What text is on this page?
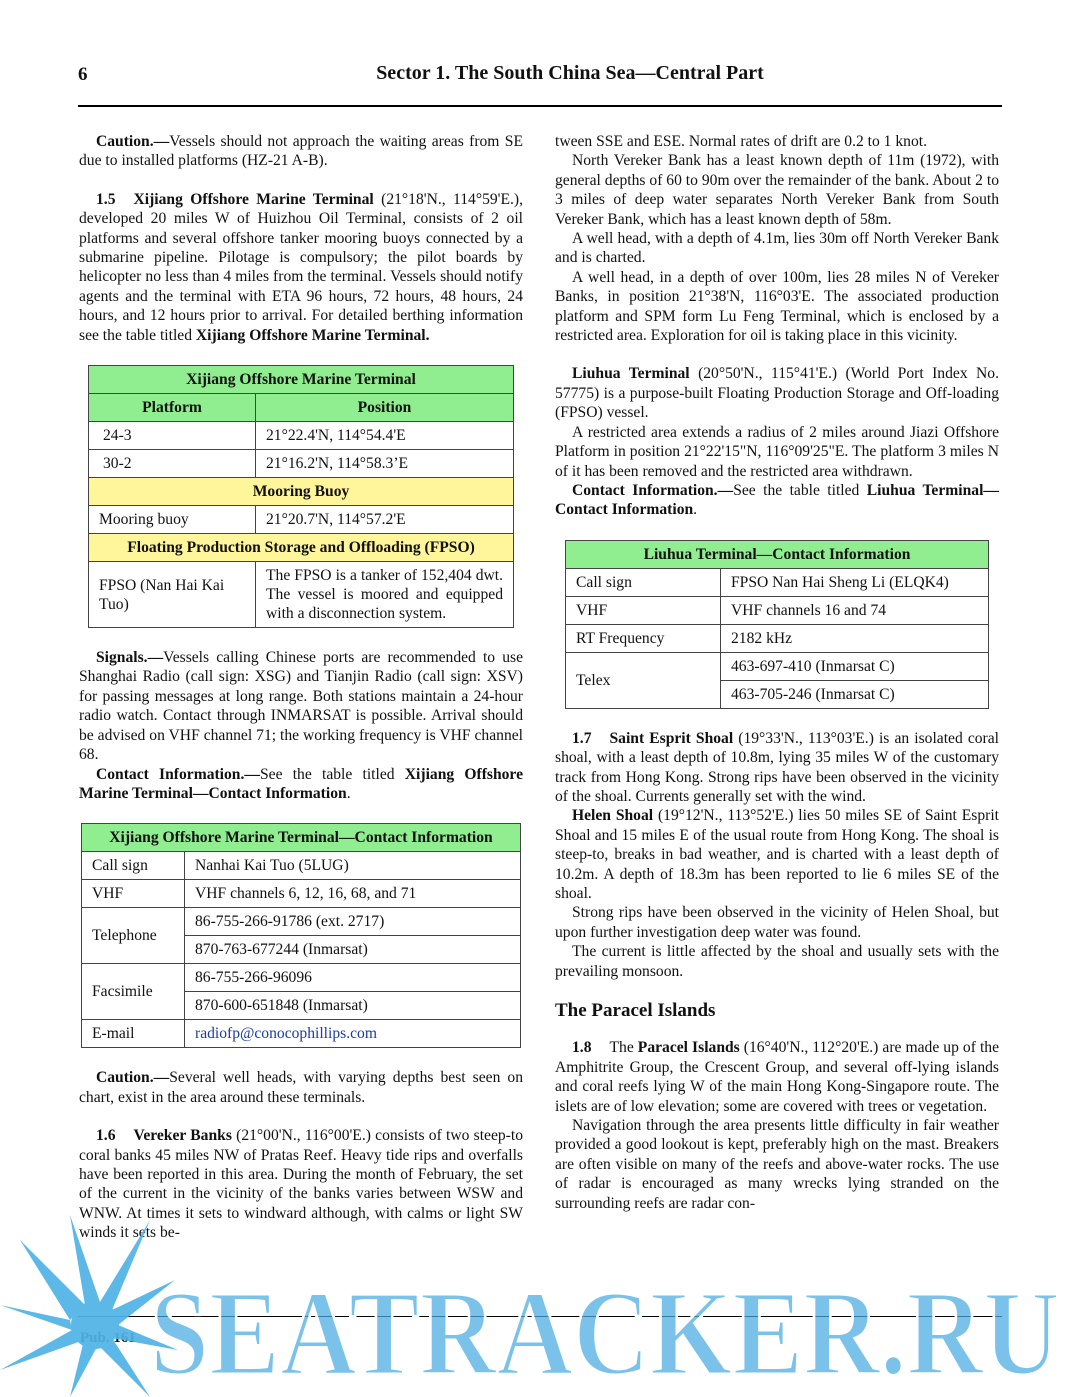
6	Sector 1. The South China Sea—Central Part

Caution.—Vessels should not approach the waiting areas from SE due to installed platforms (HZ-21 A-B).

1.5 Xijiang Offshore Marine Terminal (21°18'N., 114°59'E.), developed 20 miles W of Huizhou Oil Terminal, consists of 2 oil platforms and several offshore tanker mooring buoys connected by a submarine pipeline. Pilotage is compulsory; the pilot boards by helicopter no less than 4 miles from the terminal. Vessels should notify agents and the terminal with ETA 96 hours, 72 hours, 48 hours, 24 hours, and 12 hours prior to arrival. For detailed berthing information see the table titled Xijiang Offshore Marine Terminal.

Xijiang Offshore Marine Terminal	
Platform	Position
24-3	21°22.4'N, 114°54.4'E
30-2	21°16.2'N, 114°58.3’E
Mooring Buoy	
Mooring buoy	21°20.7'N, 114°57.2'E
Floating Production Storage and Offloading (FPSO)	
FPSO (Nan Hai Kai Tuo)	The FPSO is a tanker of 152,404 dwt. The vessel is moored and equipped with a disconnection system.

Signals.—Vessels calling Chinese ports are recommended to use Shanghai Radio (call sign: XSG) and Tianjin Radio (call sign: XSV) for passing messages at long range. Both stations maintain a 24-hour radio watch. Contact through INMARSAT is possible. Arrival should be advised on VHF channel 71; the working frequency is VHF channel 68.

Contact Information.—See the table titled Xijiang Offshore Marine Terminal—Contact Information.

Xijiang Offshore Marine Terminal—Contact Information	
Call sign	Nanhai Kai Tuo (5LUG)
VHF	VHF channels 6, 12, 16, 68, and 71
Telephone	86-755-266-91786 (ext. 2717)
	870-763-677244 (Inmarsat)
Facsimile	86-755-266-96096
	870-600-651848 (Inmarsat)
E-mail	radiofp@conocophillips.com

Caution.—Several well heads, with varying depths best seen on chart, exist in the area around these terminals.

1.6 Vereker Banks (21°00'N., 116°00'E.) consists of two steep-to coral banks 45 miles NW of Pratas Reef. Heavy tide rips and overfalls have been reported in this area. During the month of February, the set of the current in the vicinity of the banks varies between WSW and WNW. At times it sets to windward although, with calms or light SW winds it sets be-

tween SSE and ESE. Normal rates of drift are 0.2 to 1 knot.

North Vereker Bank has a least known depth of 11m (1972), with general depths of 60 to 90m over the remainder of the bank. About 2 to 3 miles of deep water separates North Vereker Bank from South Vereker Bank, which has a least known depth of 58m.

A well head, with a depth of 4.1m, lies 30m off North Vereker Bank and is charted.

A well head, in a depth of over 100m, lies 28 miles N of Vereker Banks, in position 21°38'N, 116°03'E. The associated production platform and SPM form Lu Feng Terminal, which is enclosed by a restricted area. Exploration for oil is taking place in this vicinity.

Liuhua Terminal (20°50'N., 115°41'E.) (World Port Index No. 57775) is a purpose-built Floating Production Storage and Off-loading (FPSO) vessel.

A restricted area extends a radius of 2 miles around Jiazi Offshore Platform in position 21°22'15"N, 116°09'25"E. The platform 3 miles N of it has been removed and the restricted area withdrawn.

Contact Information.—See the table titled Liuhua Terminal—Contact Information.

Liuhua Terminal—Contact Information	
Call sign	FPSO Nan Hai Sheng Li (ELQK4)
VHF	VHF channels 16 and 74
RT Frequency	2182 kHz
Telex	463-697-410 (Inmarsat C)
	463-705-246 (Inmarsat C)

1.7 Saint Esprit Shoal (19°33'N., 113°03'E.) is an isolated coral shoal, with a least depth of 10.8m, lying 35 miles W of the customary track from Hong Kong. Strong rips have been observed in the vicinity of the shoal. Currents generally set with the wind.

Helen Shoal (19°12'N., 113°52'E.) lies 50 miles SE of Saint Esprit Shoal and 15 miles E of the usual route from Hong Kong. The shoal is steep-to, breaks in bad weather, and is charted with a least depth of 10.2m. A depth of 18.3m has been reported to lie 6 miles SE of the shoal.

Strong rips have been observed in the vicinity of Helen Shoal, but upon further investigation deep water was found.

The current is little affected by the shoal and usually sets with the prevailing monsoon.

The Paracel Islands

1.8 The Paracel Islands (16°40'N., 112°20'E.) are made up of the Amphitrite Group, the Crescent Group, and several off-lying islands and coral reefs lying W of the main Hong Kong-Singapore route. The islets are of low elevation; some are covered with trees or vegetation.

Navigation through the area presents little difficulty in fair weather provided a good lookout is kept, preferably high on the mast. Breakers are often visible on many of the reefs and above-water rocks. The use of radar is encouraged as many wrecks lying stranded on the surrounding reefs are radar con-

SEATRACKER.RU
